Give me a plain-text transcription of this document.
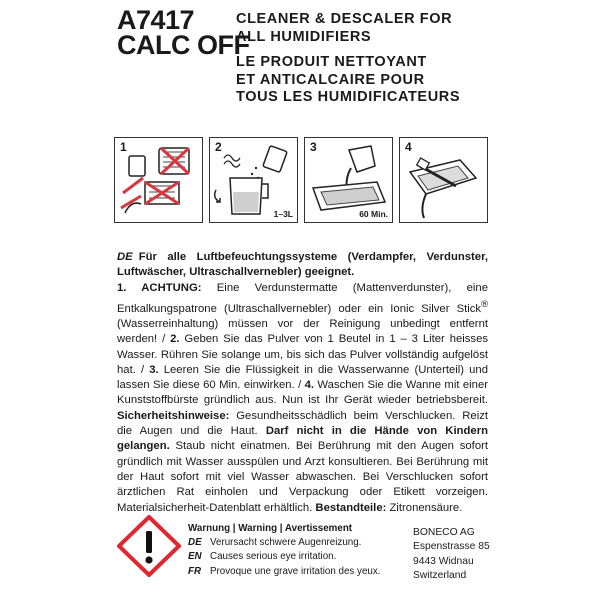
A7417
CALC OFF
CLEANER & DESCALER FOR
ALL HUMIDIFIERS
LE PRODUIT NETTOYANT
ET ANTICALCAIRE POUR
TOUS LES HUMIDIFICATEURS
1	2
1–3L
3
60 Min.
4
DE Für alle Luftbefeuchtungssysteme (Verdampfer, Verdunster, Luftwäscher, Ultraschallvernebler) geeignet.
1. ACHTUNG: Eine Verdunstermatte (Mattenverdunster), eine Entkalkungspatrone (Ultraschallvernebler) oder ein Ionic Silver Stick® (Wasserreinhaltung) müssen vor der Reinigung unbedingt entfernt werden! / 2. Geben Sie das Pulver von 1 Beutel in 1 – 3 Liter heisses Wasser. Rühren Sie solange um, bis sich das Pulver vollständig aufgelöst hat. / 3. Leeren Sie die Flüssigkeit in die Wasserwanne (Unterteil) und lassen Sie diese 60 Min. einwirken. / 4. Waschen Sie die Wanne mit einer Kunststoffbürste gründlich aus. Nun ist Ihr Gerät wieder betriebsbereit. Sicherheitshinweise: Gesundheitsschädlich beim Verschlucken. Reizt die Augen und die Haut. Darf nicht in die Hände von Kindern gelangen. Staub nicht einatmen. Bei Berührung mit den Augen sofort gründlich mit Wasser ausspülen und Arzt konsultieren. Bei Berührung mit der Haut sofort mit viel Wasser abwaschen. Bei Verschlucken sofort ärztlichen Rat einholen und Verpackung oder Etikett vorzeigen. Materialsicherheit-Datenblatt erhältlich. Bestandteile: Zitronensäure.
Warnung | Warning | Avertissement
DE Verursacht schwere Augenreizung.
EN Causes serious eye irritation.
FR Provoque une grave irritation des yeux.
BONECO AG
Espenstrasse 85
9443 Widnau
Switzerland
